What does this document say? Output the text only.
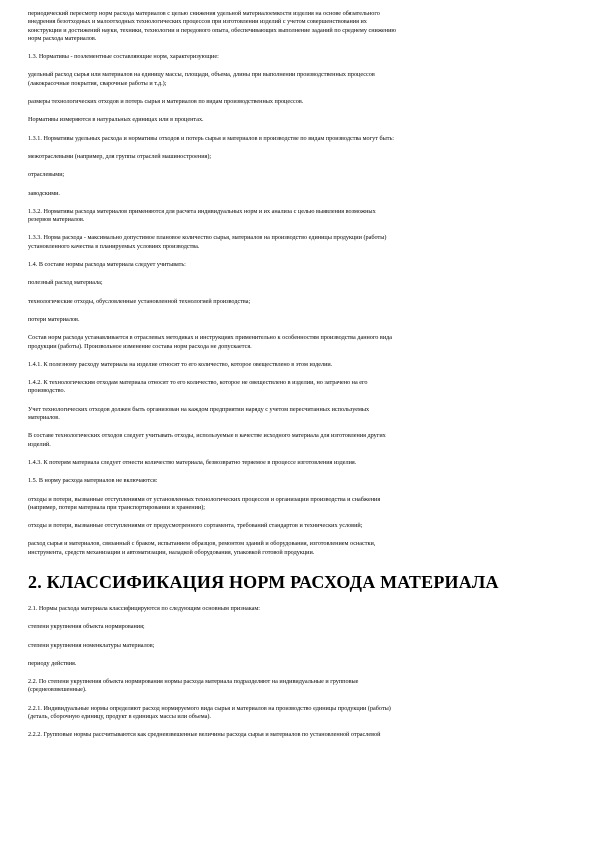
периодический пересмотр норм расхода материалов с целью снижения удельной материалоемкости изделия на основе обязательного
внедрения безотходных и малоотходных технологических процессов при изготовлении изделий с учетом совершенствования их
конструкции и достижений науки, техники, технологии и передового опыта, обеспечивающих выполнение заданий по среднему снижению
норм расхода материалов.

1.3. Нормативы - поэлементные составляющие норм, характеризующие:

удельный расход сырья или материалов на единицу массы, площади, объема, длины при выполнении производственных процессов
(лакокрасочные покрытия, сварочные работы и т.д.);

размеры технологических отходов и потерь сырья и материалов по видам производственных процессов.

Нормативы измеряются в натуральных единицах или в процентах.

1.3.1. Нормативы удельных расхода и нормативы отходов и потерь сырья и материалов в производстве по видам производства могут быть:

межотраслевыми (например, для группы отраслей машиностроения);

отраслевыми;

заводскими.

1.3.2. Нормативы расхода материалов применяются для расчета индивидуальных норм и их анализа с целью выявления возможных
резервов материалов.

1.3.3. Норма расхода - максимально допустимое плановое количество сырья, материалов на производство единицы продукции (работы)
установленного качества в планируемых условиях производства.

1.4. В составе нормы расхода материала следует учитывать:

полезный расход материала;

технологические отходы, обусловленные установленной технологией производства;

потери материалов.

Состав норм расхода устанавливается в отраслевых методиках и инструкциях применительно к особенностям производства данного вида
продукции (работы). Произвольное изменение состава норм расхода не допускается.

1.4.1. К полезному расходу материала на изделие относят то его количество, которое овеществлено в этом изделии.

1.4.2. К технологическим отходам материала относят то его количество, которое не овеществлено в изделии, но затрачено на его
производство.

Учет технологических отходов должен быть организован на каждом предприятии наряду с учетом пересчитанных используемых
материалов.

В составе технологических отходов следует учитывать отходы, используемые в качестве исходного материала для изготовления других
изделий.

1.4.3. К потерям материала следует отнести количество материала, безвозвратно теряемое в процессе изготовления изделия.

1.5. В норму расхода материалов не включаются:

отходы и потери, вызванные отступлениями от установленных технологических процессов и организации производства и снабжения
(например, потери материала при транспортировании и хранении);

отходы и потери, вызванные отступлениями от предусмотренного сортамента, требований стандартов и технических условий;

расход сырья и материалов, связанный с браком, испытанием образцов, ремонтом зданий и оборудования, изготовлением оснастки,
инструмента, средств механизации и автоматизации, наладкой оборудования, упаковкой готовой продукции.

2. КЛАССИФИКАЦИЯ НОРМ РАСХОДА МАТЕРИАЛА

2.1. Нормы расхода материала классифицируются по следующим основным признакам:

степени укрупнения объекта нормирования;

степени укрупнения номенклатуры материалов;

периоду действия.

2.2. По степени укрупнения объекта нормирования нормы расхода материала подразделяют на индивидуальные и групповые
(среднеовзвешенные).

2.2.1. Индивидуальные нормы определяют расход нормируемого вида сырья и материалов на производство единицы продукции (работы)
(деталь, сборочную единицу, продукт в единицах массы или объема).

2.2.2. Групповые нормы рассчитываются как средневзвешенные величины расхода сырья и материалов по установленной отраслевой
